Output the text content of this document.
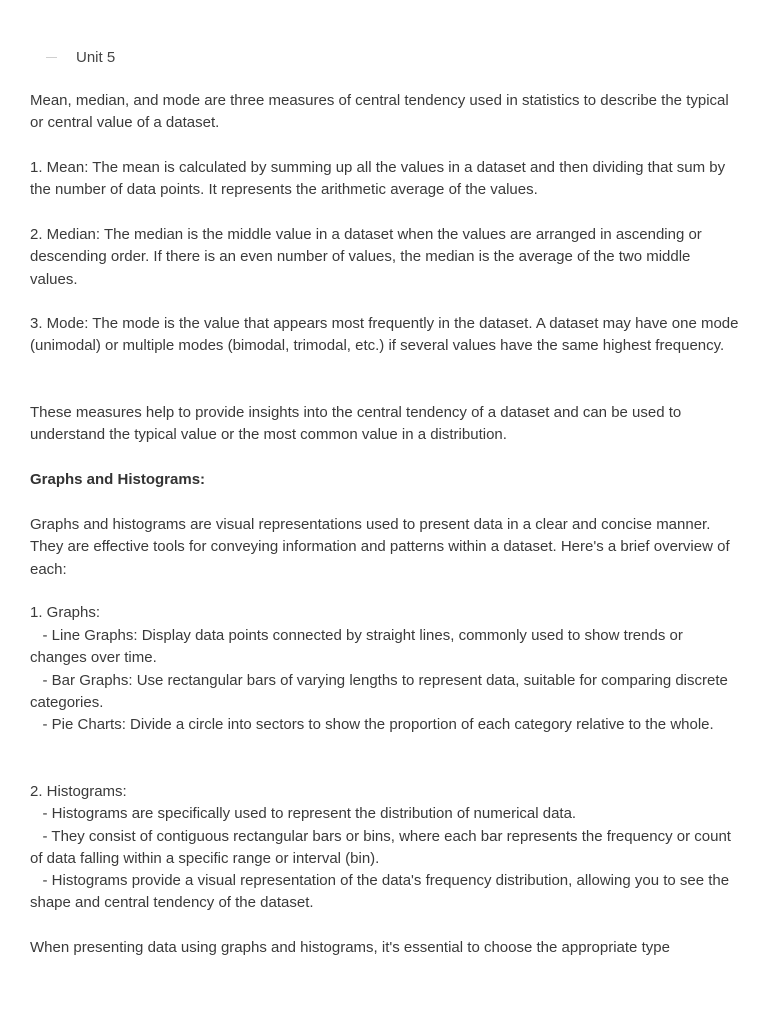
Unit 5
Mean, median, and mode are three measures of central tendency used in statistics to describe the typical or central value of a dataset.
1. Mean: The mean is calculated by summing up all the values in a dataset and then dividing that sum by the number of data points. It represents the arithmetic average of the values.
2. Median: The median is the middle value in a dataset when the values are arranged in ascending or descending order. If there is an even number of values, the median is the average of the two middle values.
3. Mode: The mode is the value that appears most frequently in the dataset. A dataset may have one mode (unimodal) or multiple modes (bimodal, trimodal, etc.) if several values have the same highest frequency.
These measures help to provide insights into the central tendency of a dataset and can be used to understand the typical value or the most common value in a distribution.
Graphs and Histograms:
Graphs and histograms are visual representations used to present data in a clear and concise manner. They are effective tools for conveying information and patterns within a dataset. Here's a brief overview of each:
1. Graphs:
- Line Graphs: Display data points connected by straight lines, commonly used to show trends or changes over time.
- Bar Graphs: Use rectangular bars of varying lengths to represent data, suitable for comparing discrete categories.
- Pie Charts: Divide a circle into sectors to show the proportion of each category relative to the whole.
2. Histograms:
- Histograms are specifically used to represent the distribution of numerical data.
- They consist of contiguous rectangular bars or bins, where each bar represents the frequency or count of data falling within a specific range or interval (bin).
- Histograms provide a visual representation of the data's frequency distribution, allowing you to see the shape and central tendency of the dataset.
When presenting data using graphs and histograms, it's essential to choose the appropriate type
